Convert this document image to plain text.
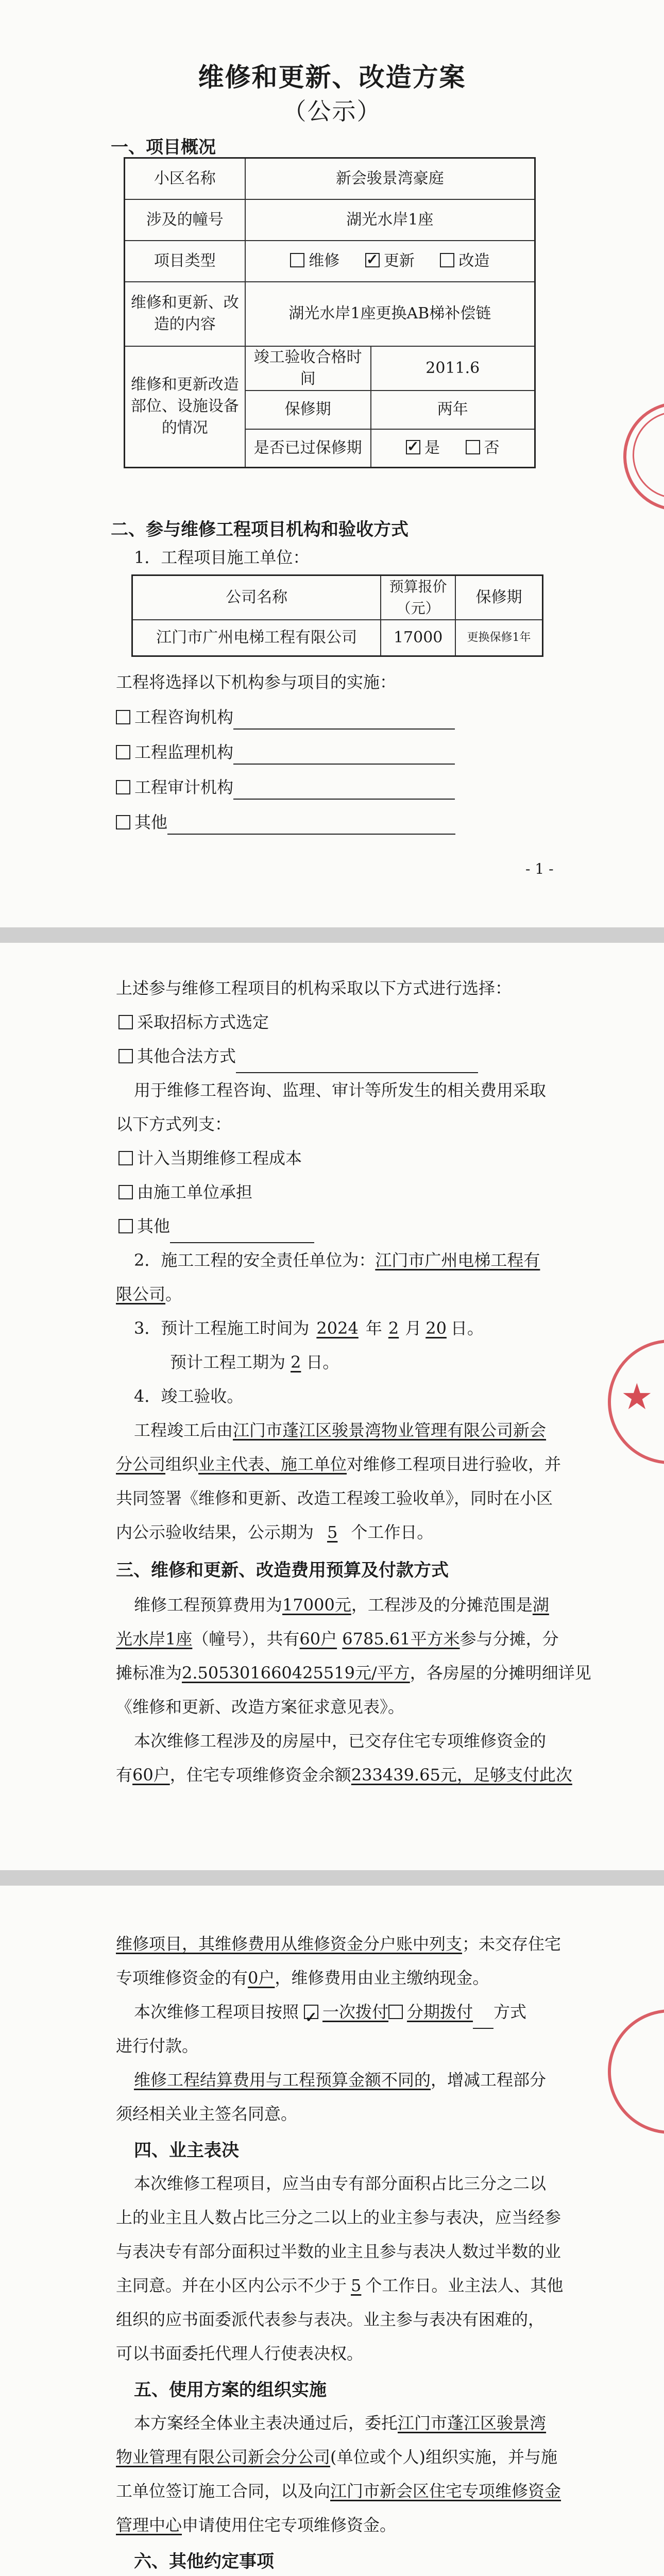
维修和更新、改造方案
（公示）
一、项目概况
小区名称	新会骏景湾豪庭	
涉及的幢号	湖光水岸1座	
项目类型	维修 ✓ 更新 改造
维修和更新、改造的内容	湖光水岸1座更换AB梯补偿链	
维修和更新改造部位、设施设备的情况	竣工验收合格时间	2011.6
	保修期	两年
	是否已过保修期	✓是 否
二、参与维修工程项目机构和验收方式
1．工程项目施工单位：
公司名称	预算报价（元）	保修期
江门市广州电梯工程有限公司	17000	更换保修1年
工程将选择以下机构参与项目的实施：
工程咨询机构
工程监理机构
工程审计机构
其他
- 1 -
上述参与维修工程项目的机构采取以下方式进行选择：
采取招标方式选定
其他合法方式
用于维修工程咨询、监理、审计等所发生的相关费用采取
以下方式列支：
计入当期维修工程成本
由施工单位承担
其他
2．施工工程的安全责任单位为：江门市广州电梯工程有
限公司。
3．预计工程施工时间为 2024 年 2 月 20 日。
预计工程工期为 2 日。
4．竣工验收。
工程竣工后由江门市蓬江区骏景湾物业管理有限公司新会
分公司组织业主代表、施工单位对维修工程项目进行验收，并
共同签署《维修和更新、改造工程竣工验收单》，同时在小区
内公示验收结果，公示期为 5 个工作日。
三、维修和更新、改造费用预算及付款方式
维修工程预算费用为17000元，工程涉及的分摊范围是湖
光水岸1座（幢号），共有60户 6785.61平方米参与分摊，分
摊标准为2.505301660425519元/平方，各房屋的分摊明细详见
《维修和更新、改造方案征求意见表》。
本次维修工程涉及的房屋中，已交存住宅专项维修资金的
有60户，住宅专项维修资金余额233439.65元，足够支付此次
★
维修项目，其维修费用从维修资金分户账中列支；未交存住宅
专项维修资金的有0户，维修费用由业主缴纳现金。
本次维修工程项目按照 ✓ 一次拨付 分期拨付 方式
进行付款。
维修工程结算费用与工程预算金额不同的，增减工程部分
须经相关业主签名同意。
四、业主表决
本次维修工程项目，应当由专有部分面积占比三分之二以
上的业主且人数占比三分之二以上的业主参与表决，应当经参
与表决专有部分面积过半数的业主且参与表决人数过半数的业
主同意。并在小区内公示不少于 5 个工作日。业主法人、其他
组织的应书面委派代表参与表决。业主参与表决有困难的，
可以书面委托代理人行使表决权。
五、使用方案的组织实施
本方案经全体业主表决通过后，委托江门市蓬江区骏景湾
物业管理有限公司新会分公司(单位或个人)组织实施，并与施
工单位签订施工合同，以及向江门市新会区住宅专项维修资金
管理中心申请使用住宅专项维修资金。
六、其他约定事项
